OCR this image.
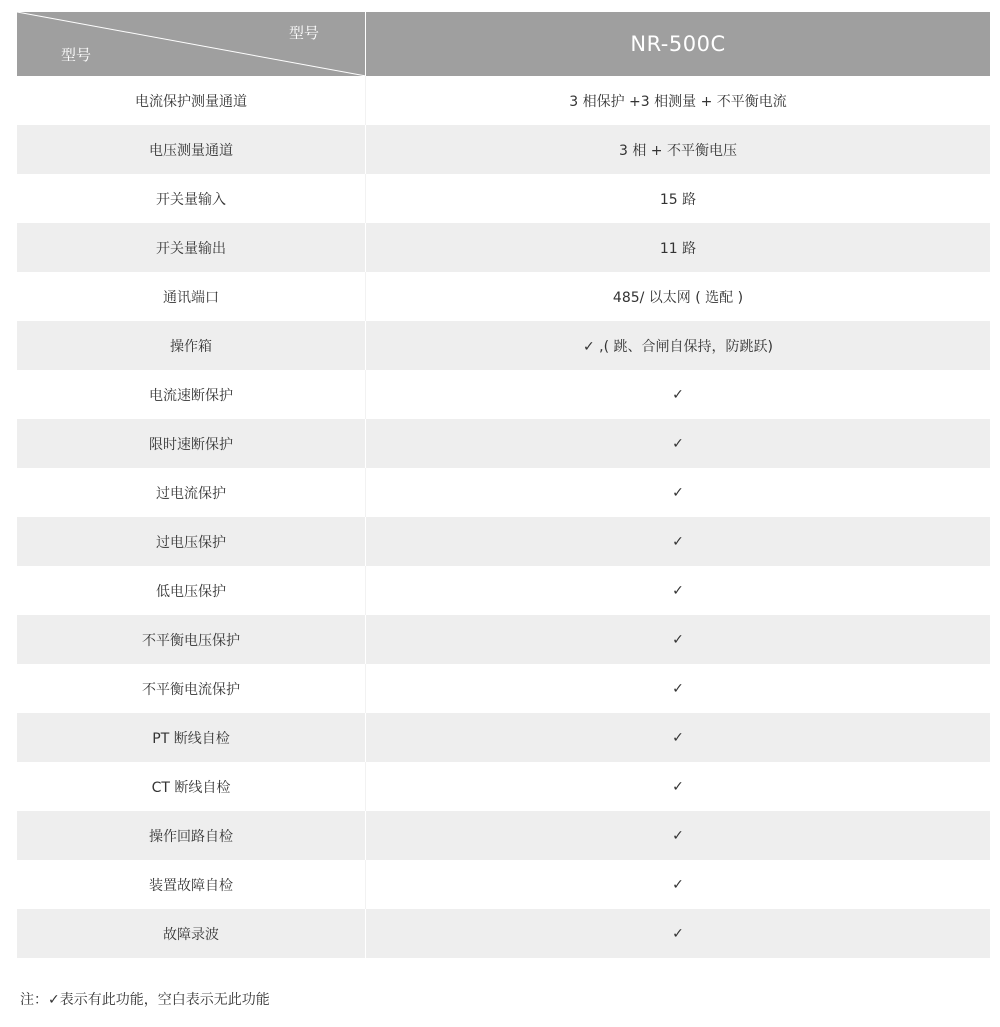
型号
型号	NR-500C
电流保护测量通道	3 相保护 +3 相测量 + 不平衡电流
电压测量通道	3 相 + 不平衡电压
开关量输入	15 路
开关量输出	11 路
通讯端口	485/ 以太网 ( 选配 )
操作箱	✓ ,( 跳、合闸自保持，防跳跃)
电流速断保护	✓
限时速断保护	✓
过电流保护	✓
过电压保护	✓
低电压保护	✓
不平衡电压保护	✓
不平衡电流保护	✓
PT 断线自检	✓
CT 断线自检	✓
操作回路自检	✓
装置故障自检	✓
故障录波	✓
注：✓表示有此功能，空白表示无此功能
